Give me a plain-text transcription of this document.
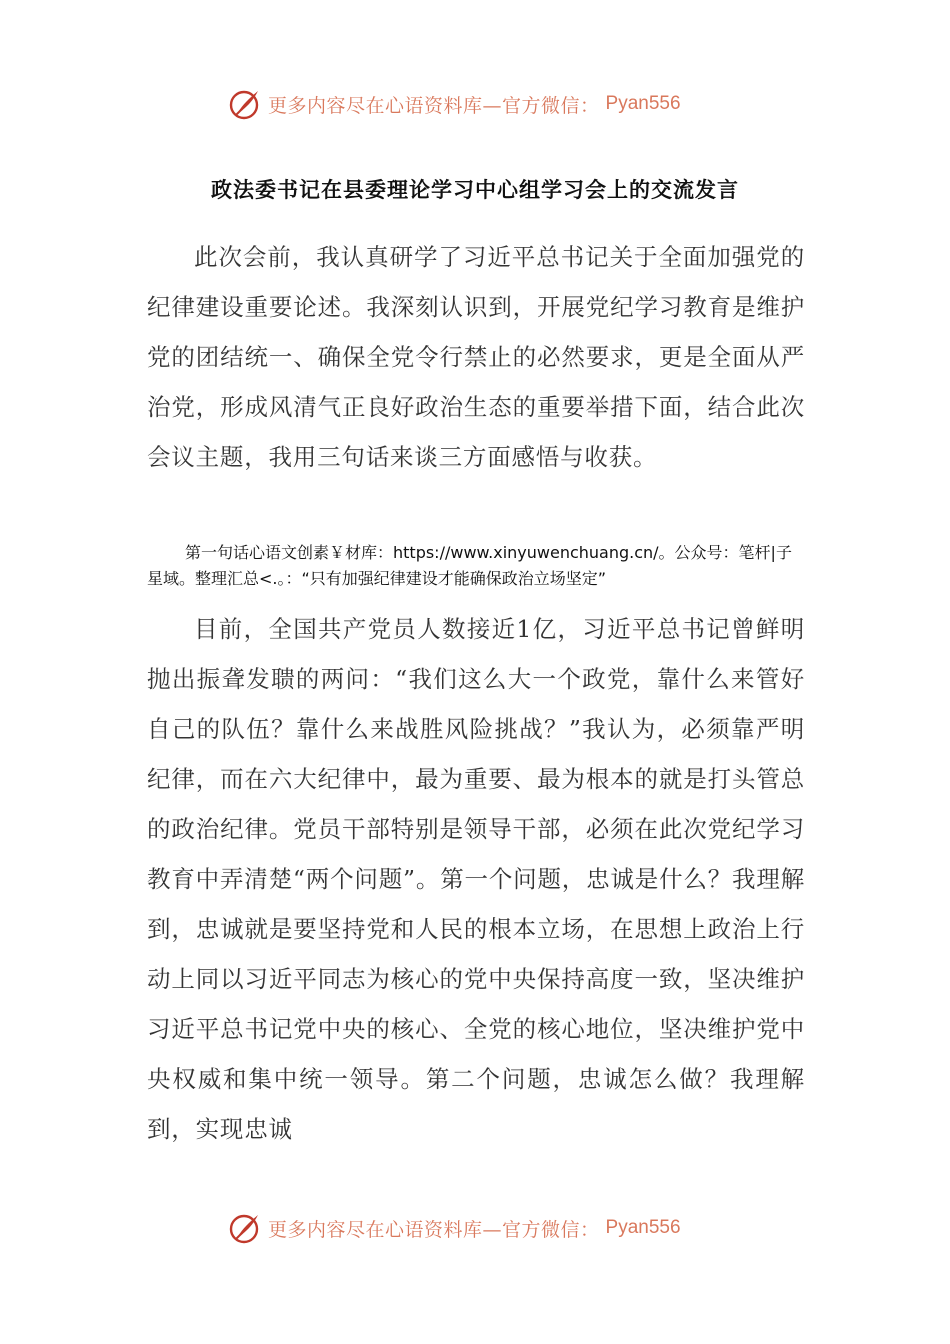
更多内容尽在心语资料库—官方微信： Pyan556
政法委书记在县委理论学习中心组学习会上的交流发言
此次会前，我认真研学了习近平总书记关于全面加强党的纪律建设重要论述。我深刻认识到，开展党纪学习教育是维护党的团结统一、确保全党令行禁止的必然要求，更是全面从严治党，形成风清气正良好政治生态的重要举措下面，结合此次会议主题，我用三句话来谈三方面感悟与收获。
第一句话心语文创素￥材库：https://www.xinyuwenchuang.cn/。公众号：笔杆|子星域。整理汇总<.。：“只有加强纪律建设才能确保政治立场坚定”
目前，全国共产党员人数接近1亿，习近平总书记曾鲜明抛出振聋发聩的两问：“我们这么大一个政党，靠什么来管好自己的队伍？靠什么来战胜风险挑战？”我认为，必须靠严明纪律，而在六大纪律中，最为重要、最为根本的就是打头管总的政治纪律。党员干部特别是领导干部，必须在此次党纪学习教育中弄清楚“两个问题”。第一个问题，忠诚是什么？我理解到，忠诚就是要坚持党和人民的根本立场，在思想上政治上行动上同以习近平同志为核心的党中央保持高度一致，坚决维护习近平总书记党中央的核心、全党的核心地位，坚决维护党中央权威和集中统一领导。第二个问题，忠诚怎么做？我理解到，实现忠诚
更多内容尽在心语资料库—官方微信： Pyan556
